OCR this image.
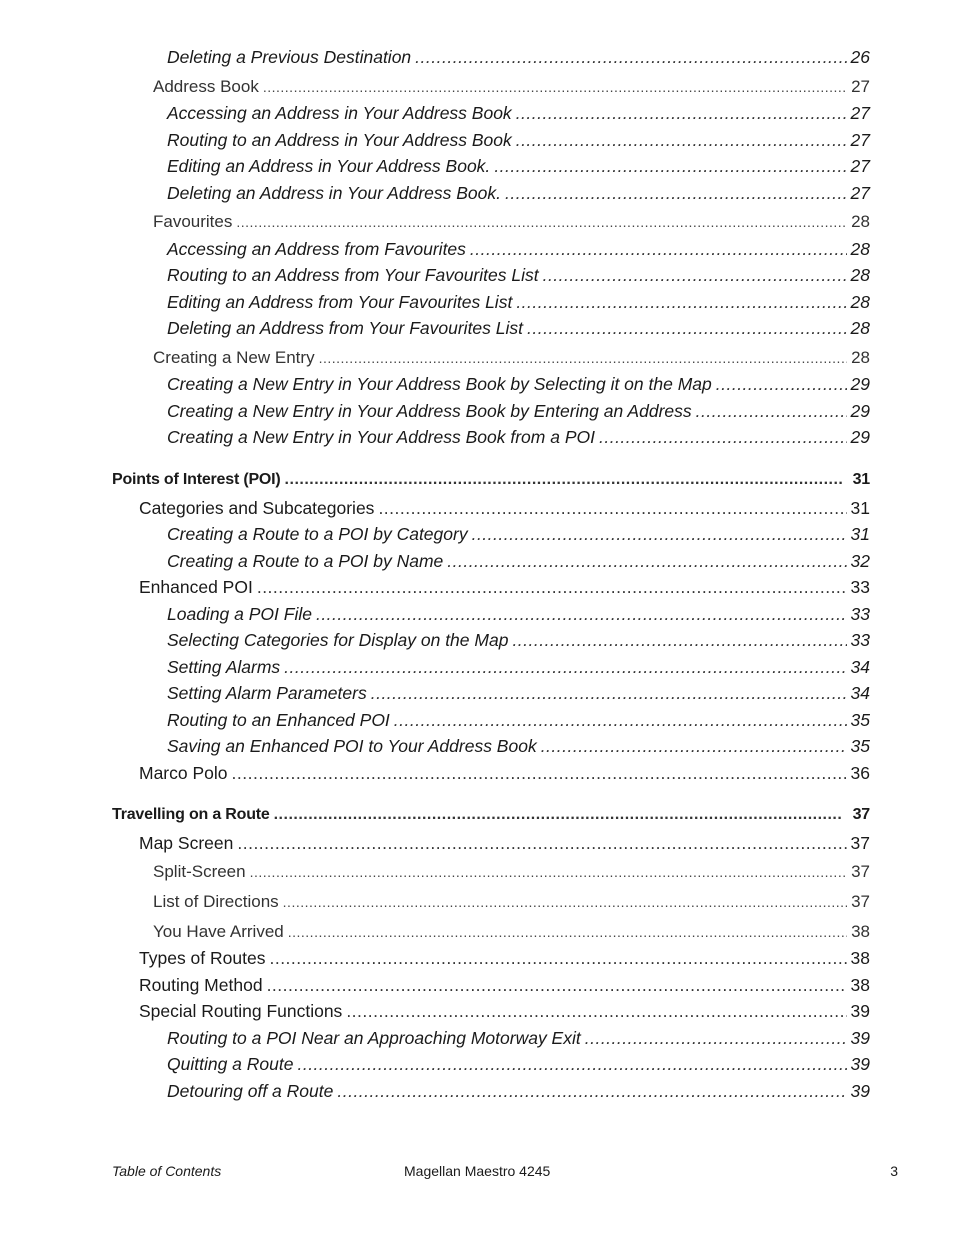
Deleting a Previous Destination .....	26
Address Book .....	27
Accessing an Address in Your Address Book .....	27
Routing to an Address in Your Address Book .....	27
Editing an Address in Your Address Book. .....	27
Deleting an Address in Your Address Book. .....	27
Favourites .....	28
Accessing an Address from Favourites .....	28
Routing to an Address from Your Favourites List .....	28
Editing an Address from Your Favourites List .....	28
Deleting an Address from Your Favourites List .....	28
Creating a New Entry .....	28
Creating a New Entry in Your Address Book by Selecting it on the Map .....	29
Creating a New Entry in Your Address Book by Entering an Address .....	29
Creating a New Entry in Your Address Book from a POI .....	29
Points of Interest (POI) .....	31
Categories and Subcategories .....	31
Creating a Route to a POI by Category .....	31
Creating a Route to a POI by Name .....	32
Enhanced POI .....	33
Loading a POI File .....	33
Selecting Categories for Display on the Map .....	33
Setting Alarms .....	34
Setting Alarm Parameters .....	34
Routing to an Enhanced POI .....	35
Saving an Enhanced POI to Your Address Book .....	35
Marco Polo .....	36
Travelling on a Route .....	37
Map Screen .....	37
Split-Screen .....	37
List of Directions .....	37
You Have Arrived .....	38
Types of Routes .....	38
Routing Method .....	38
Special Routing Functions .....	39
Routing to a POI Near an Approaching Motorway Exit .....	39
Quitting a Route .....	39
Detouring off a Route .....	39
Table of Contents	Magellan Maestro 4245	3
